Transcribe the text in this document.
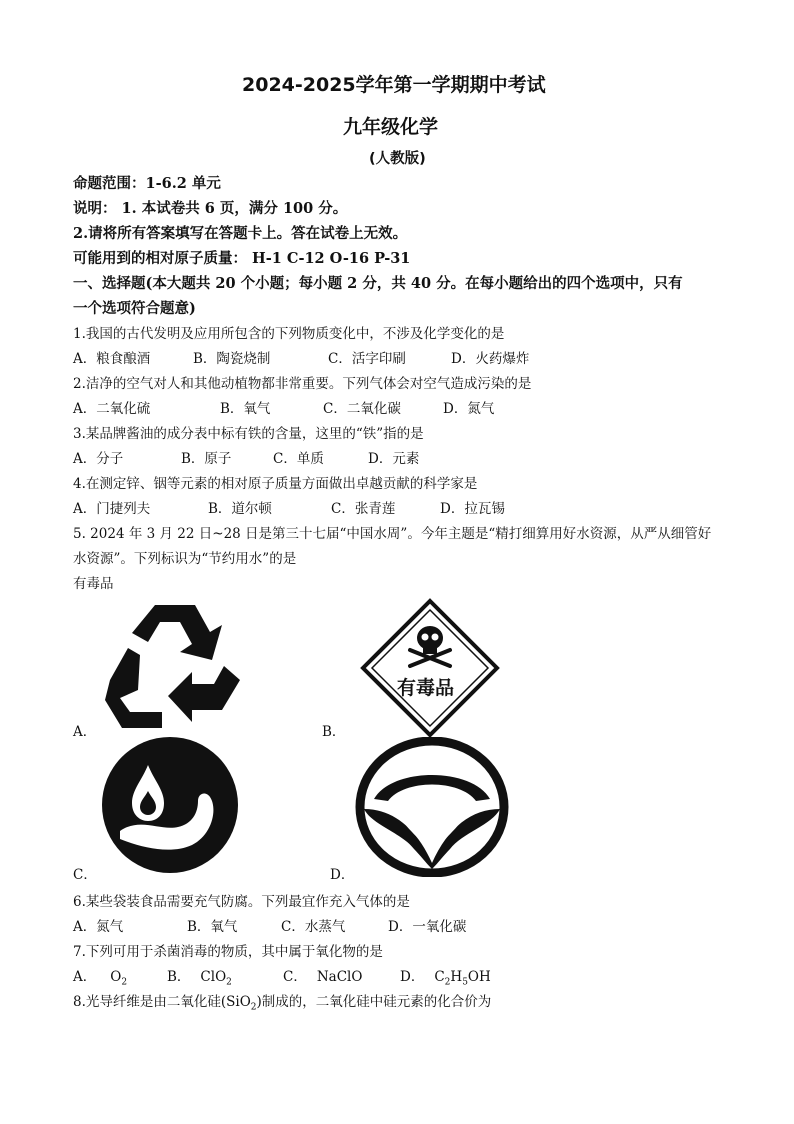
2024-2025学年第一学期期中考试
九年级化学
(人教版)
命题范围：1-6.2 单元
说明： 1. 本试卷共 6 页，满分 100 分。
2.请将所有答案填写在答题卡上。答在试卷上无效。
可能用到的相对原子质量： H-1 C-12 O-16 P-31
一、选择题(本大题共 20 个小题；每小题 2 分，共 40 分。在每小题给出的四个选项中，只有
一个选项符合题意)
1.我国的古代发明及应用所包含的下列物质变化中，不涉及化学变化的是
A．粮食酿酒	B．陶瓷烧制	C．活字印刷	D．火药爆炸
2.洁净的空气对人和其他动植物都非常重要。下列气体会对空气造成污染的是
A．二氧化硫	B．氧气	C．二氧化碳	D．氮气
3.某品牌酱油的成分表中标有铁的含量，这里的“铁”指的是
A．分子	B．原子	C．单质	D．元素
4.在测定锌、铟等元素的相对原子质量方面做出卓越贡献的科学家是
A．门捷列夫	B．道尔顿	C．张青莲	D．拉瓦锡
5. 2024 年 3 月 22 日~28 日是第三十七届“中国水周”。今年主题是“精打细算用好水资源，从严从细管好
水资源”。下列标识为“节约用水”的是
有毒品
A．
有毒品
B．
C．	D．
6.某些袋装食品需要充气防腐。下列最宜作充入气体的是
A．氮气	B．氧气	C．水蒸气	D．一氧化碳
7.下列可用于杀菌消毒的物质，其中属于氧化物的是
A． $O_2$	B． ClO$_2$	C． NaClO	D． $C_2H_5OH$
8.光导纤维是由二氧化硅(SiO$_2$)制成的，二氧化硅中硅元素的化合价为
